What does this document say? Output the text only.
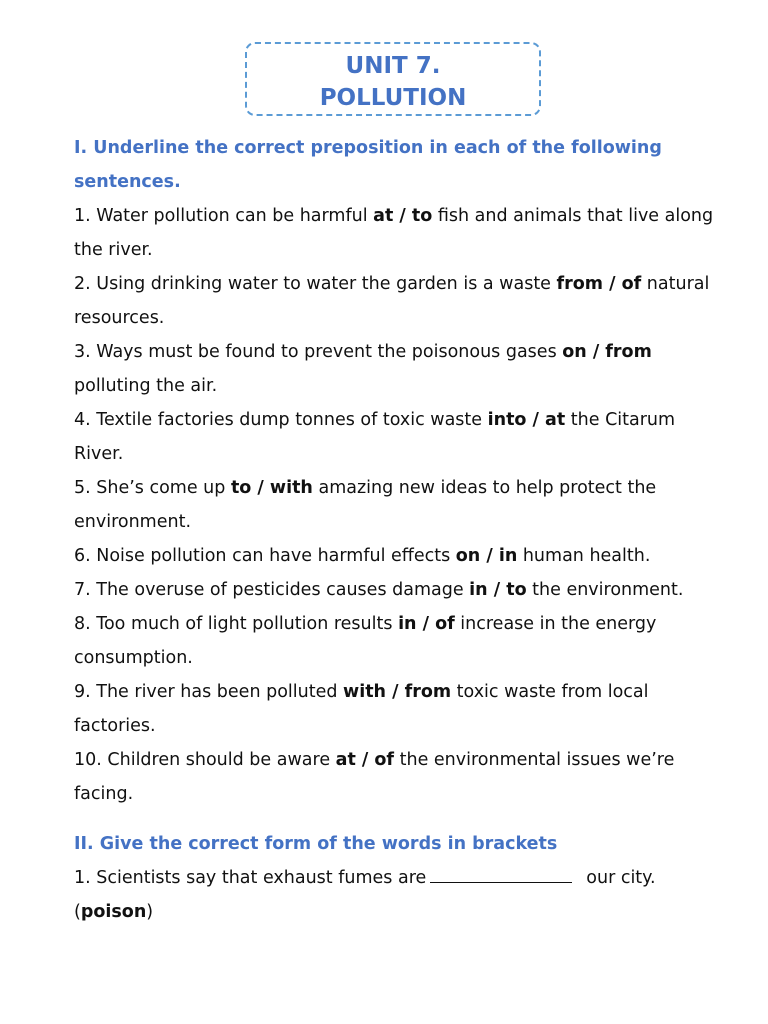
UNIT 7.
POLLUTION
I. Underline the correct preposition in each of the following sentences.
1. Water pollution can be harmful at / to fish and animals that live along the river.
2. Using drinking water to water the garden is a waste from / of natural resources.
3. Ways must be found to prevent the poisonous gases on / from polluting the air.
4. Textile factories dump tonnes of toxic waste into / at the Citarum River.
5. She’s come up to / with amazing new ideas to help protect the environment.
6. Noise pollution can have harmful effects on / in human health.
7. The overuse of pesticides causes damage in / to the environment.
8. Too much of light pollution results in / of increase in the energy consumption.
9. The river has been polluted with / from toxic waste from local factories.
10. Children should be aware at / of the environmental issues we’re facing.
II. Give the correct form of the words in brackets
1. Scientists say that exhaust fumes are	our city.
(poison)
